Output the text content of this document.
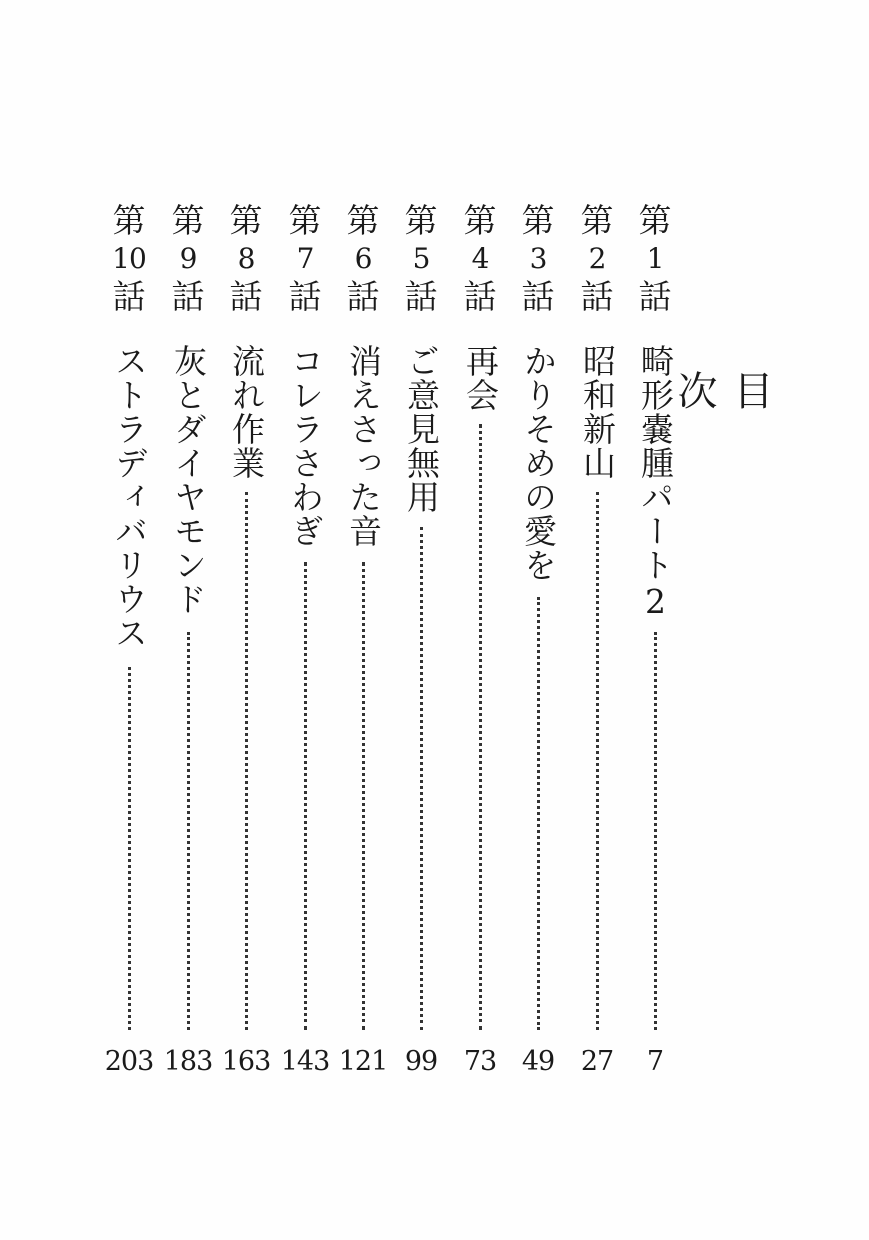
目次
第
1
話
畸形嚢腫パート2
7
第
2
話
昭和新山
27
第
3
話
かりそめの愛を
49
第
4
話
再会
73
第
5
話
ご意見無用
99
第
6
話
消えさった音
121
第
7
話
コレラさわぎ
143
第
8
話
流れ作業
163
第
9
話
灰とダイヤモンド
183
第
10
話
ストラディバリウス
203
